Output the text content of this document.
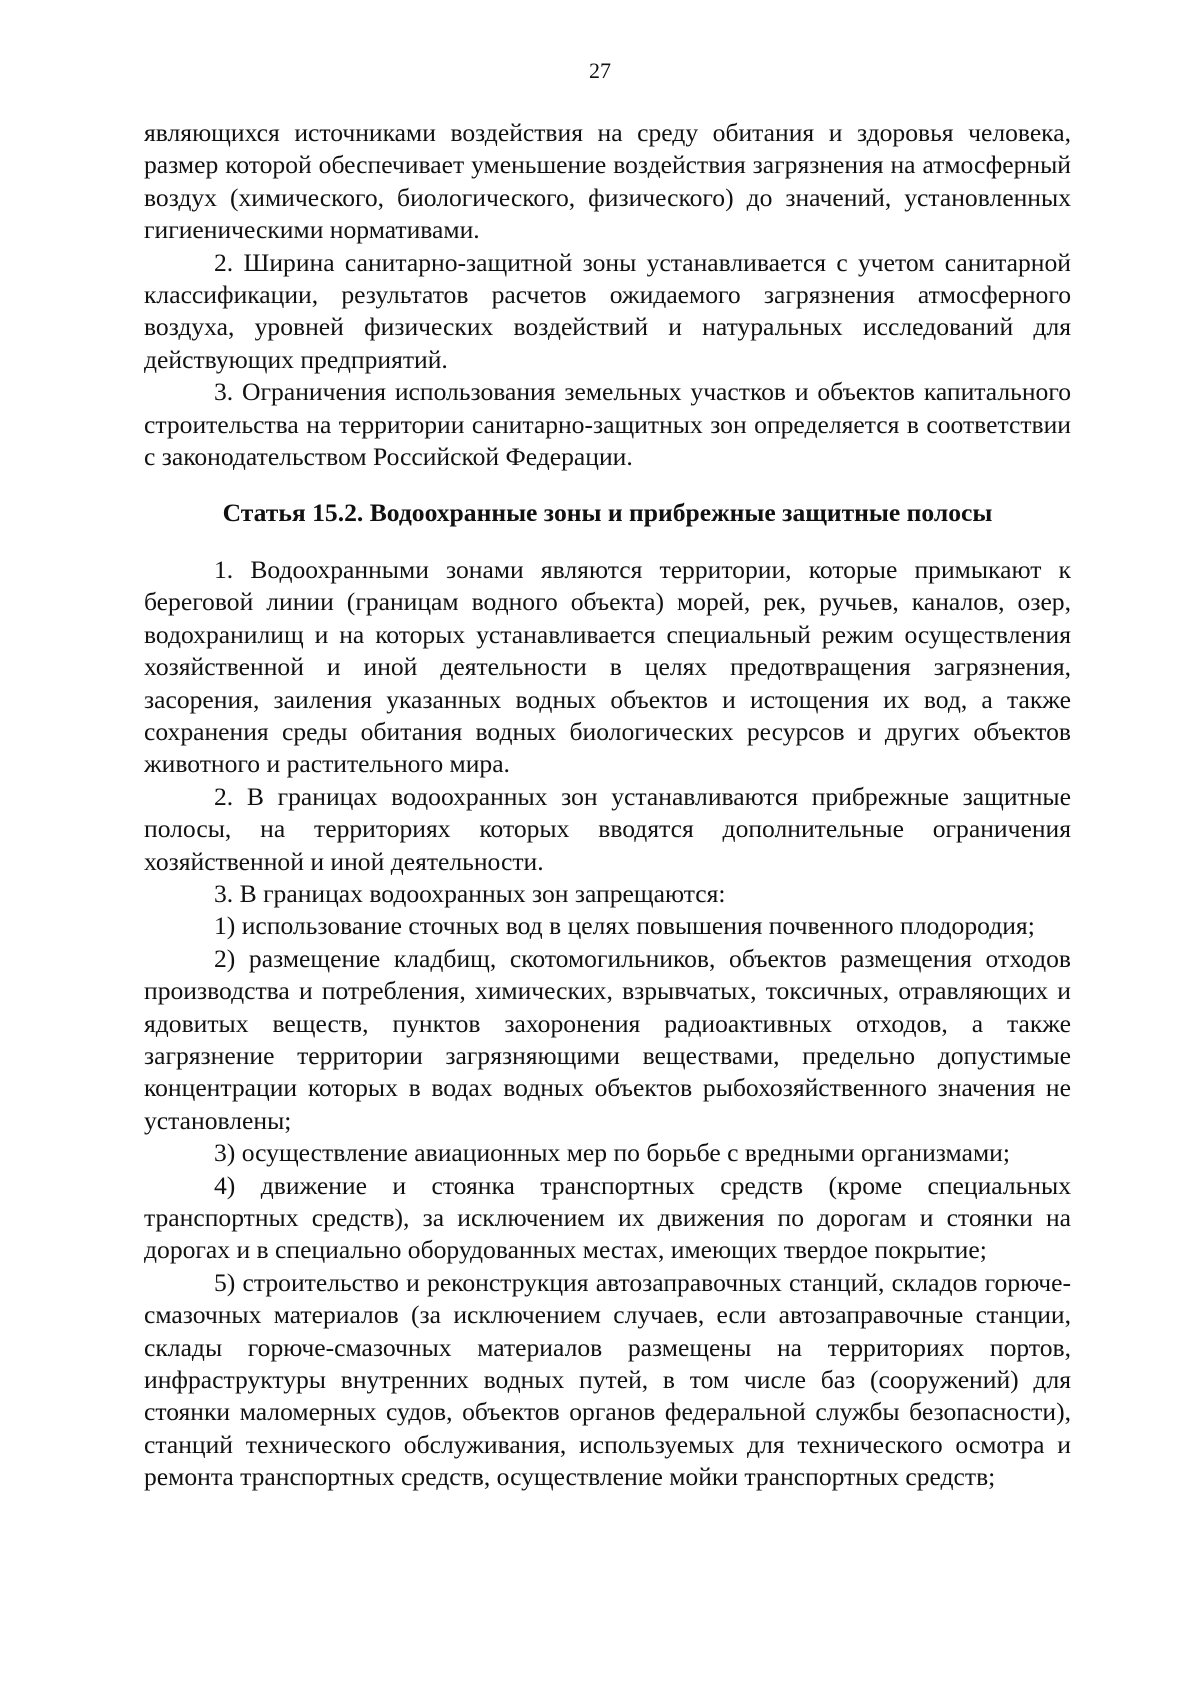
27

являющихся источниками воздействия на среду обитания и здоровья человека, размер которой обеспечивает уменьшение воздействия загрязнения на атмосферный воздух (химического, биологического, физического) до значений, установленных гигиеническими нормативами.

2. Ширина санитарно-защитной зоны устанавливается с учетом санитарной классификации, результатов расчетов ожидаемого загрязнения атмосферного воздуха, уровней физических воздействий и натуральных исследований для действующих предприятий.

3. Ограничения использования земельных участков и объектов капитального строительства на территории санитарно-защитных зон определяется в соответствии с законодательством Российской Федерации.

Статья 15.2. Водоохранные зоны и прибрежные защитные полосы

1. Водоохранными зонами являются территории, которые примыкают к береговой линии (границам водного объекта) морей, рек, ручьев, каналов, озер, водохранилищ и на которых устанавливается специальный режим осуществления хозяйственной и иной деятельности в целях предотвращения загрязнения, засорения, заиления указанных водных объектов и истощения их вод, а также сохранения среды обитания водных биологических ресурсов и других объектов животного и растительного мира.

2. В границах водоохранных зон устанавливаются прибрежные защитные полосы, на территориях которых вводятся дополнительные ограничения хозяйственной и иной деятельности.

3. В границах водоохранных зон запрещаются:

1) использование сточных вод в целях повышения почвенного плодородия;

2) размещение кладбищ, скотомогильников, объектов размещения отходов производства и потребления, химических, взрывчатых, токсичных, отравляющих и ядовитых веществ, пунктов захоронения радиоактивных отходов, а также загрязнение территории загрязняющими веществами, предельно допустимые концентрации которых в водах водных объектов рыбохозяйственного значения не установлены;

3) осуществление авиационных мер по борьбе с вредными организмами;

4) движение и стоянка транспортных средств (кроме специальных транспортных средств), за исключением их движения по дорогам и стоянки на дорогах и в специально оборудованных местах, имеющих твердое покрытие;

5) строительство и реконструкция автозаправочных станций, складов горюче-смазочных материалов (за исключением случаев, если автозаправочные станции, склады горюче-смазочных материалов размещены на территориях портов, инфраструктуры внутренних водных путей, в том числе баз (сооружений) для стоянки маломерных судов, объектов органов федеральной службы безопасности), станций технического обслуживания, используемых для технического осмотра и ремонта транспортных средств, осуществление мойки транспортных средств;
